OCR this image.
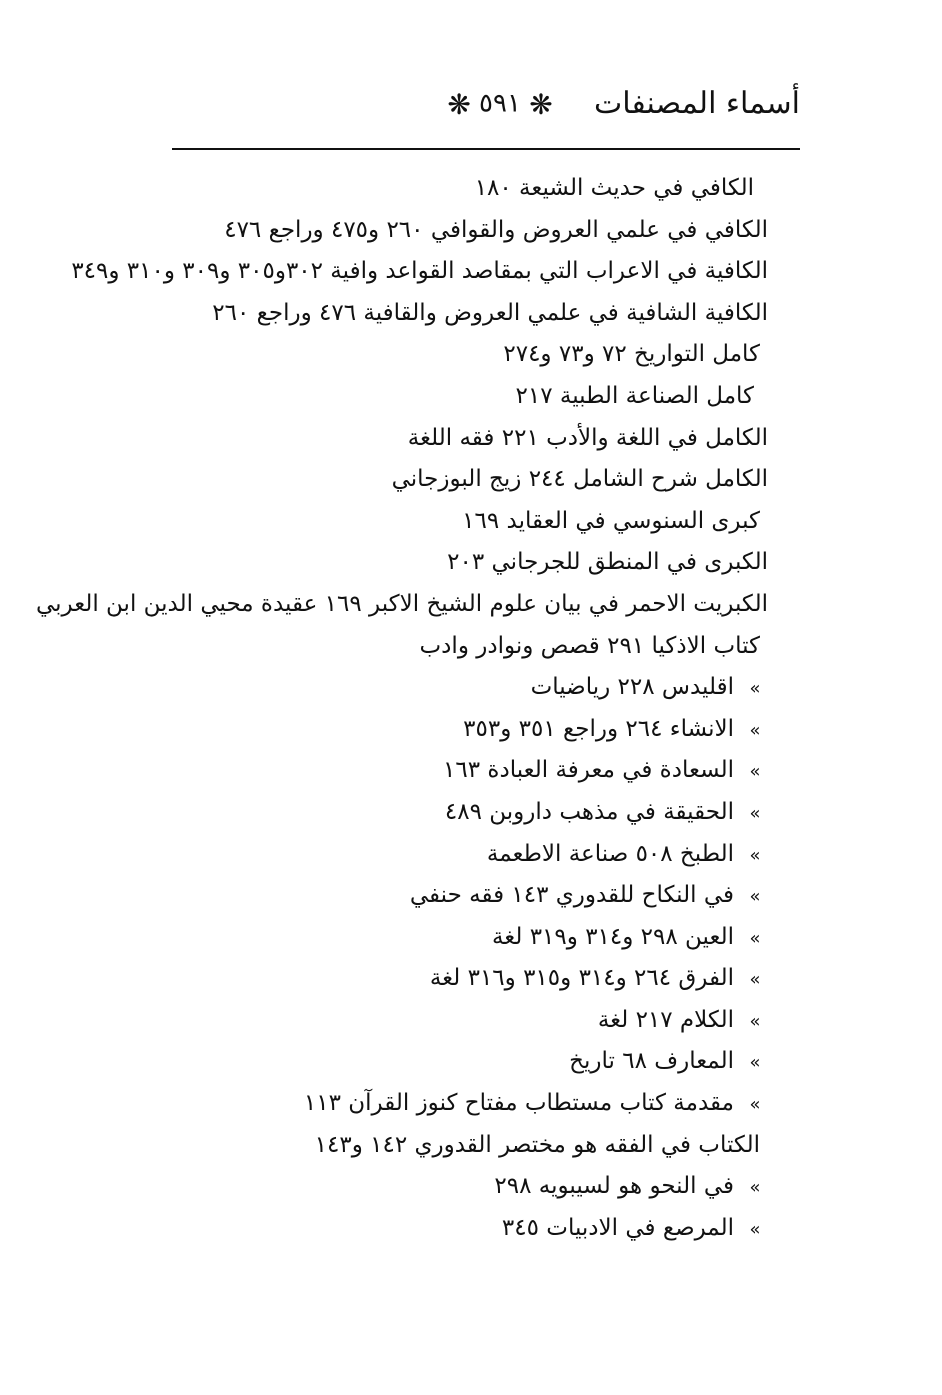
أسماء المصنفات
❋ ٥٩١ ❋
الكافي في حديث الشيعة ١٨٠
الكافي في علمي العروض والقوافي ٢٦٠ و٤٧٥ وراجع ٤٧٦
الكافية في الاعراب التي بمقاصد القواعد وافية ٣٠٢و٣٠٥ و٣٠٩ و٣١٠ و٣٤٩
الكافية الشافية في علمي العروض والقافية ٤٧٦ وراجع ٢٦٠
كامل التواريخ ٧٢ و٧٣ و٢٧٤
كامل الصناعة الطبية ٢١٧
الكامل في اللغة والأدب ٢٢١ فقه اللغة
الكامل شرح الشامل ٢٤٤ زيج البوزجاني
كبرى السنوسي في العقايد ١٦٩
الكبرى في المنطق للجرجاني ٢٠٣
الكبريت الاحمر في بيان علوم الشيخ الاكبر ١٦٩ عقيدة محيي الدين ابن العربي
كتاب الاذكيا ٢٩١ قصص ونوادر وادب
»اقليدس ٢٢٨ رياضيات
»الانشاء ٢٦٤ وراجع ٣٥١ و٣٥٣
»السعادة في معرفة العبادة ١٦٣
»الحقيقة في مذهب داروبن ٤٨٩
»الطبخ ٥٠٨ صناعة الاطعمة
»في النكاح للقدوري ١٤٣ فقه حنفي
»العين ٢٩٨ و٣١٤ و٣١٩ لغة
»الفرق ٢٦٤ و٣١٤ و٣١٥ و٣١٦ لغة
»الكلام ٢١٧ لغة
»المعارف ٦٨ تاريخ
»مقدمة كتاب مستطاب مفتاح كنوز القرآن ١١٣
الكتاب في الفقه هو مختصر القدوري ١٤٢ و١٤٣
»في النحو هو لسيبويه ٢٩٨
»المرصع في الادبيات ٣٤٥
